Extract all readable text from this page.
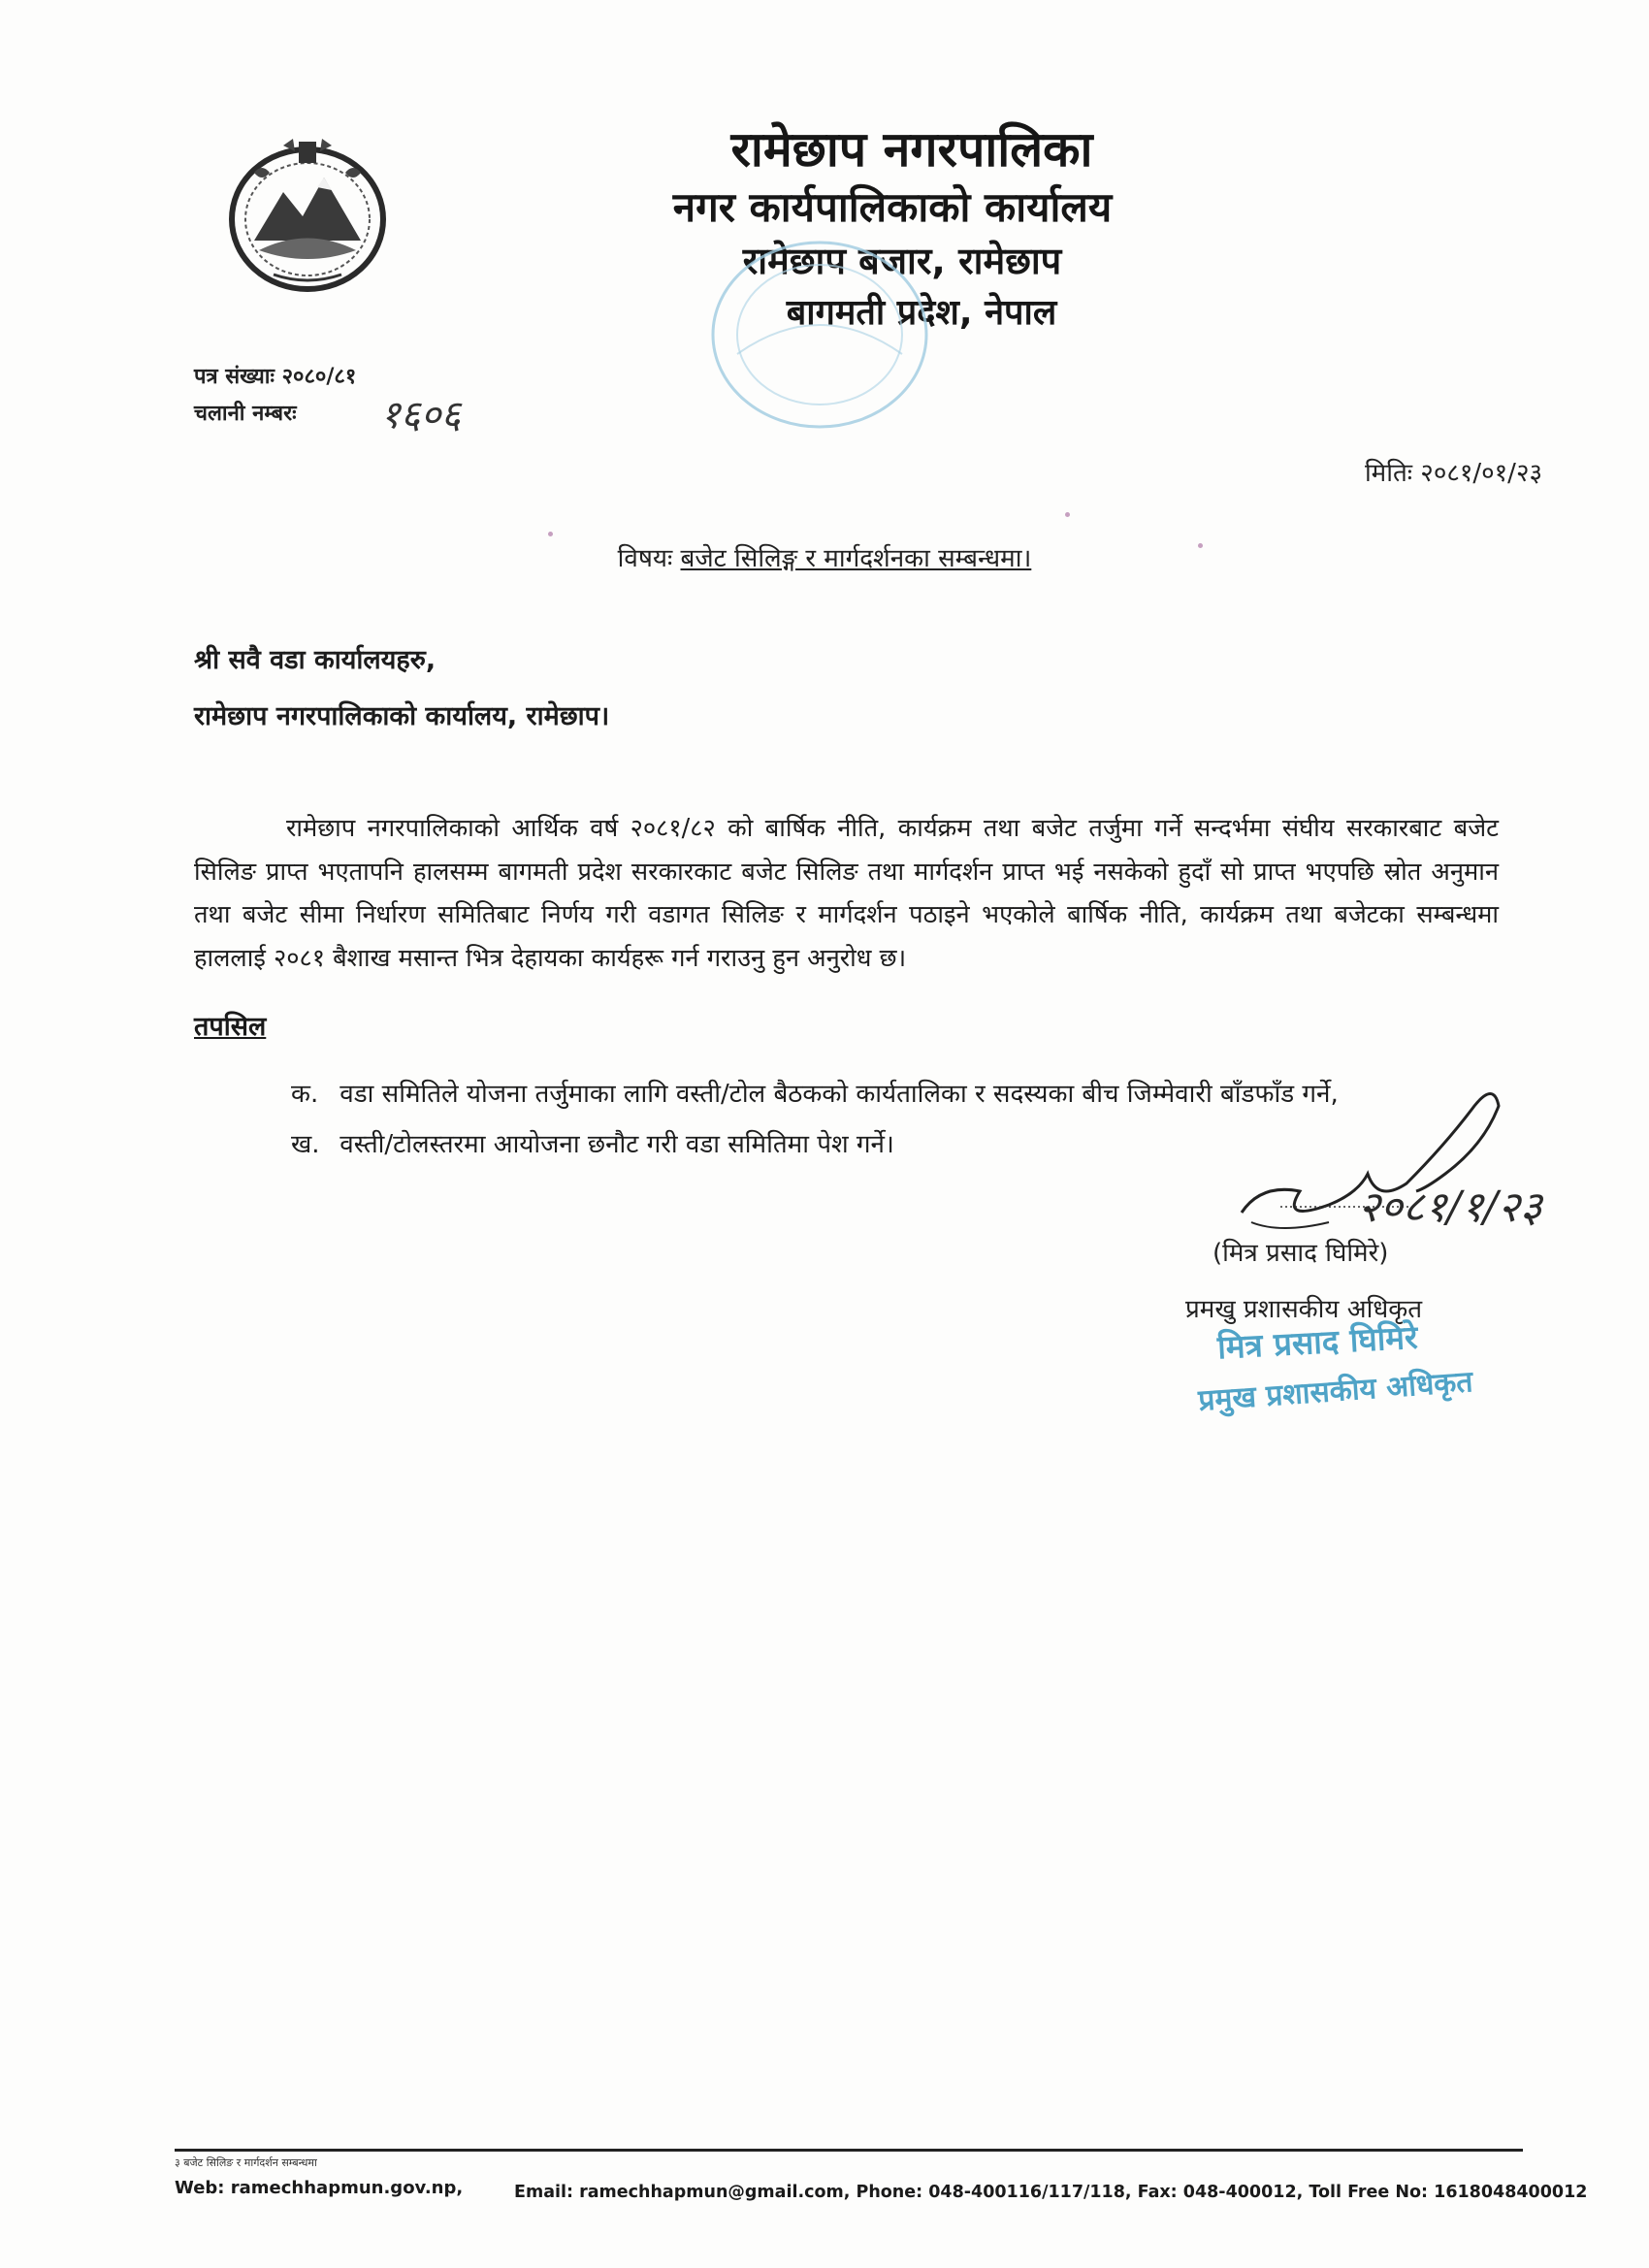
रामेछाप नगरपालिका
नगर कार्यपालिकाको कार्यालय
रामेछाप बजार, रामेछाप
बागमती प्रदेश, नेपाल
पत्र संख्याः २०८०/८१
चलानी नम्बरः १६०६
मितिः २०८१/०१/२३
विषयः बजेट सिलिङ्ग र मार्गदर्शनका सम्बन्धमा।
श्री सवै वडा कार्यालयहरु,
रामेछाप नगरपालिकाको कार्यालय, रामेछाप।
रामेछाप नगरपालिकाको आर्थिक वर्ष २०८१/८२ को बार्षिक नीति, कार्यक्रम तथा बजेट तर्जुमा गर्ने सन्दर्भमा संघीय सरकारबाट बजेट सिलिङ प्राप्त भएतापनि हालसम्म बागमती प्रदेश सरकारकाट बजेट सिलिङ तथा मार्गदर्शन प्राप्त भई नसकेको हुदाँ सो प्राप्त भएपछि स्रोत अनुमान तथा बजेट सीमा निर्धारण समितिबाट निर्णय गरी वडागत सिलिङ र मार्गदर्शन पठाइने भएकोले बार्षिक नीति, कार्यक्रम तथा बजेटका सम्बन्धमा हाललाई २०८१ बैशाख मसान्त भित्र देहायका कार्यहरू गर्न गराउनु हुन अनुरोध छ।
तपसिल
क. वडा समितिले योजना तर्जुमाका लागि वस्ती/टोल बैठकको कार्यतालिका र सदस्यका बीच जिम्मेवारी बाँडफाँड गर्ने,
ख. वस्ती/टोलस्तरमा आयोजना छनौट गरी वडा समितिमा पेश गर्ने।
२०८१/१/२३
(मित्र प्रसाद घिमिरे)
प्रमखु प्रशासकीय अधिकृत
मित्र प्रसाद घिमिरे
प्रमुख प्रशासकीय अधिकृत
३ बजेट सिलिङ र मार्गदर्शन सम्बन्धमा
Web: ramechhapmun.gov.np,	Email: ramechhapmun@gmail.com, Phone: 048-400116/117/118, Fax: 048-400012, Toll Free No: 1618048400012
